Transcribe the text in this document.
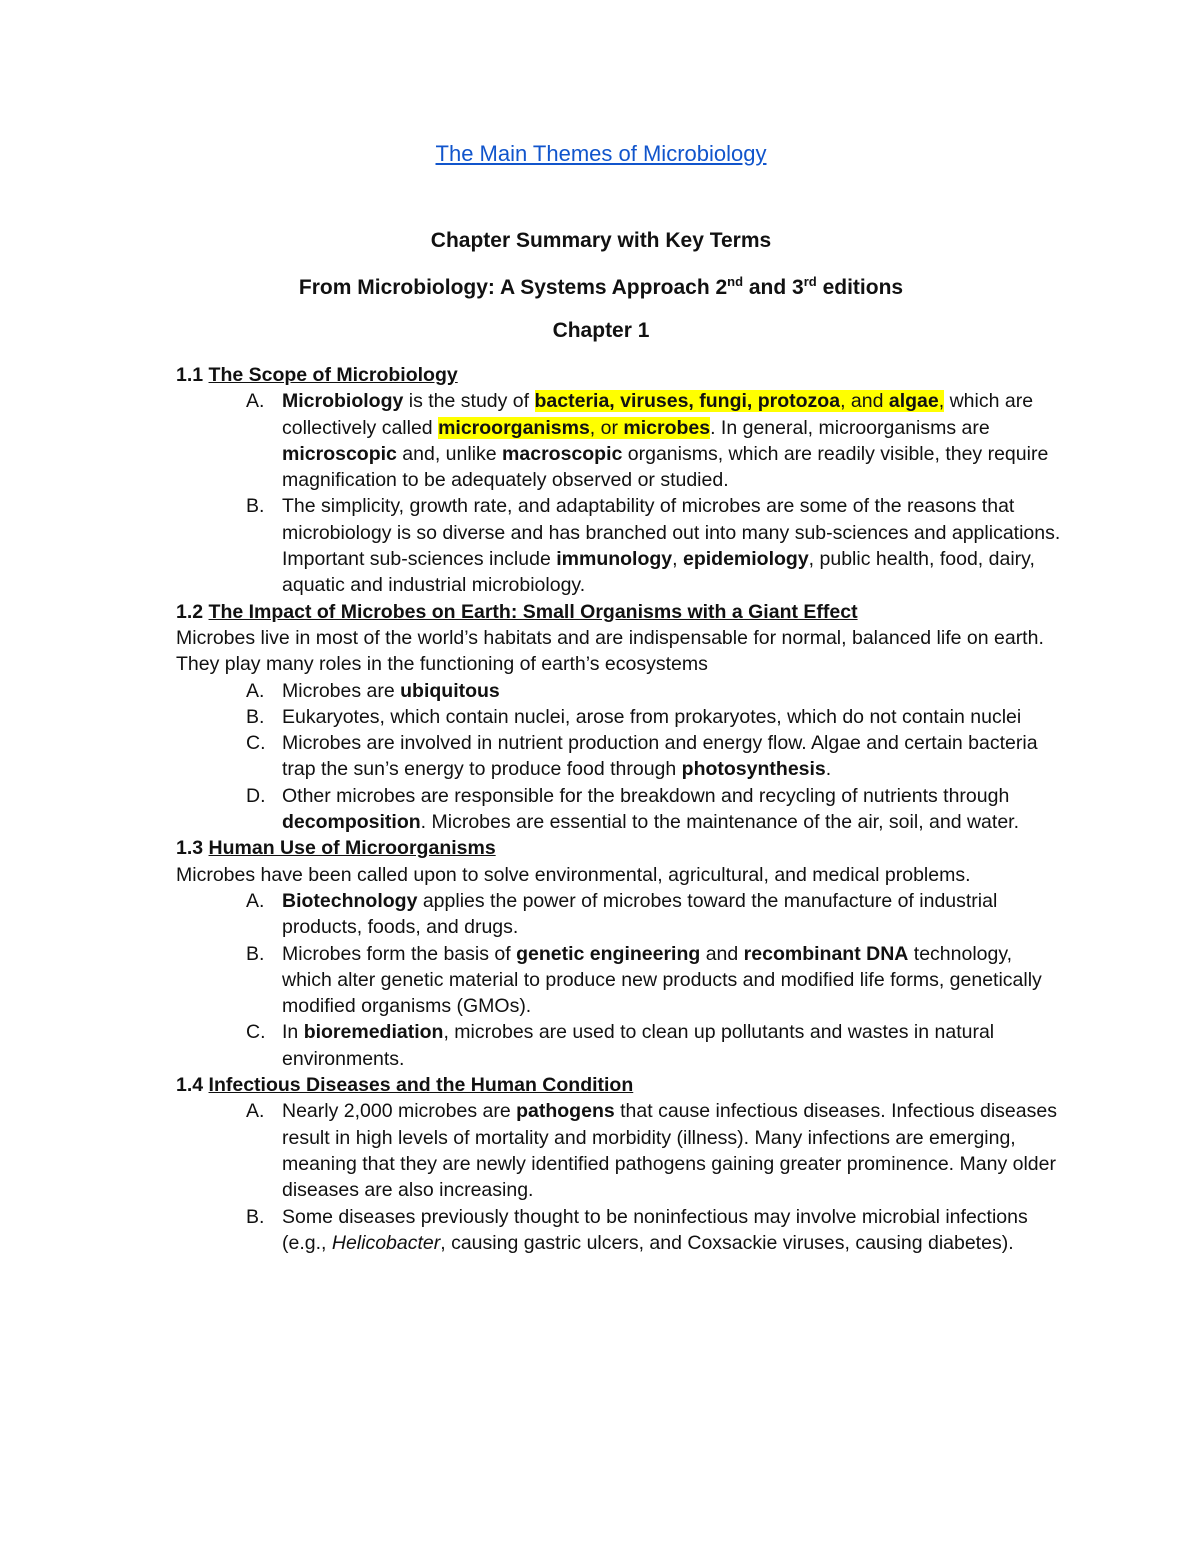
The Main Themes of Microbiology
Chapter Summary with Key Terms
From Microbiology: A Systems Approach 2nd and 3rd editions
Chapter 1

1.1 The Scope of Microbiology

A. Microbiology is the study of bacteria, viruses, fungi, protozoa, and algae, which are collectively called microorganisms, or microbes. In general, microorganisms are microscopic and, unlike macroscopic organisms, which are readily visible, they require magnification to be adequately observed or studied.
B. The simplicity, growth rate, and adaptability of microbes are some of the reasons that microbiology is so diverse and has branched out into many sub-sciences and applications. Important sub-sciences include immunology, epidemiology, public health, food, dairy, aquatic and industrial microbiology.

1.2 The Impact of Microbes on Earth: Small Organisms with a Giant Effect

Microbes live in most of the world’s habitats and are indispensable for normal, balanced life on earth.

They play many roles in the functioning of earth’s ecosystems

A. Microbes are ubiquitous
B. Eukaryotes, which contain nuclei, arose from prokaryotes, which do not contain nuclei
C. Microbes are involved in nutrient production and energy flow. Algae and certain bacteria trap the sun’s energy to produce food through photosynthesis.
D. Other microbes are responsible for the breakdown and recycling of nutrients through decomposition. Microbes are essential to the maintenance of the air, soil, and water.

1.3 Human Use of Microorganisms

Microbes have been called upon to solve environmental, agricultural, and medical problems.

A. Biotechnology applies the power of microbes toward the manufacture of industrial products, foods, and drugs.
B. Microbes form the basis of genetic engineering and recombinant DNA technology, which alter genetic material to produce new products and modified life forms, genetically modified organisms (GMOs).
C. In bioremediation, microbes are used to clean up pollutants and wastes in natural environments.

1.4 Infectious Diseases and the Human Condition

A. Nearly 2,000 microbes are pathogens that cause infectious diseases. Infectious diseases result in high levels of mortality and morbidity (illness). Many infections are emerging, meaning that they are newly identified pathogens gaining greater prominence. Many older diseases are also increasing.
B. Some diseases previously thought to be noninfectious may involve microbial infections (e.g., Helicobacter, causing gastric ulcers, and Coxsackie viruses, causing diabetes).
